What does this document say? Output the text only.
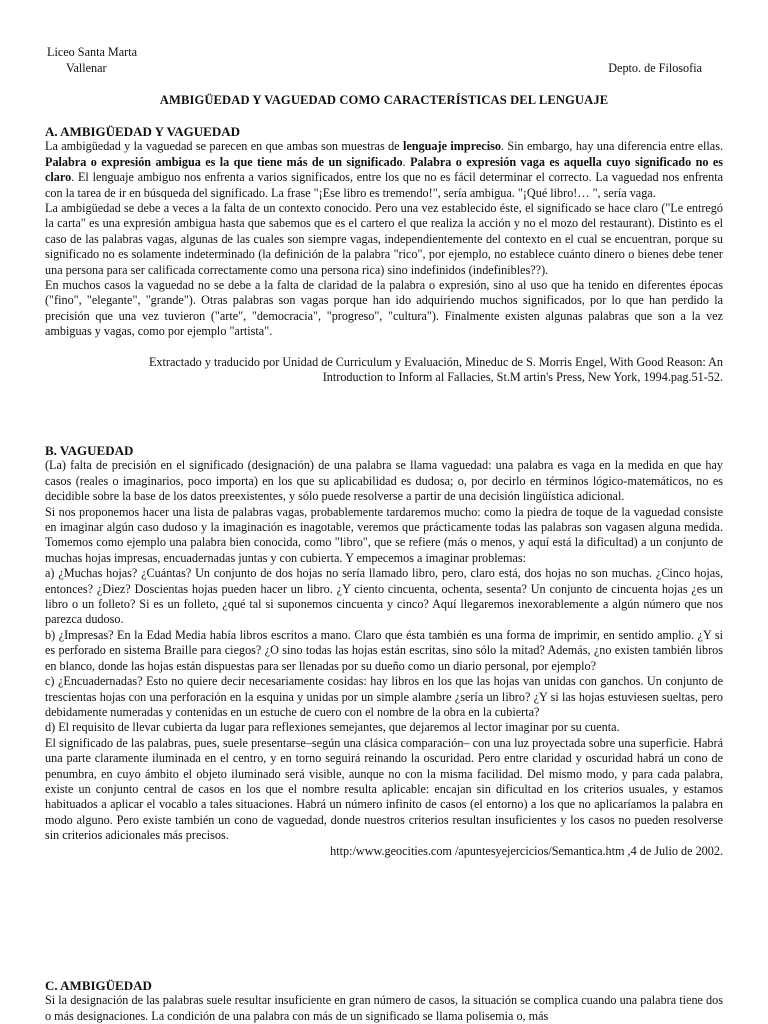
Liceo Santa Marta
Vallenar	Depto. de Filosofia
AMBIGÜEDAD Y VAGUEDAD COMO CARACTERÍSTICAS DEL LENGUAJE

A. AMBIGÜEDAD Y VAGUEDAD

La ambigüedad y la vaguedad se parecen en que ambas son muestras de lenguaje impreciso. Sin embargo, hay una diferencia entre ellas. Palabra o expresión ambigua es la que tiene más de un significado. Palabra o expresión vaga es aquella cuyo significado no es claro. El lenguaje ambiguo nos enfrenta a varios significados, entre los que no es fácil determinar el correcto. La vaguedad nos enfrenta con la tarea de ir en búsqueda del significado. La frase "¡Ese libro es tremendo!", sería ambigua. "¡Qué libro!… ", sería vaga.

La ambigüedad se debe a veces a la falta de un contexto conocido. Pero una vez establecido éste, el significado se hace claro ("Le entregó la carta" es una expresión ambigua hasta que sabemos que es el cartero el que realiza la acción y no el mozo del restaurant). Distinto es el caso de las palabras vagas, algunas de las cuales son siempre vagas, independientemente del contexto en el cual se encuentran, porque su significado no es solamente indeterminado (la definición de la palabra "rico", por ejemplo, no establece cuánto dinero o bienes debe tener una persona para ser calificada correctamente como una persona rica) sino indefinidos (indefinibles??).

En muchos casos la vaguedad no se debe a la falta de claridad de la palabra o expresión, sino al uso que ha tenido en diferentes épocas ("fino", "elegante", "grande"). Otras palabras son vagas porque han ido adquiriendo muchos significados, por lo que han perdido la precisión que una vez tuvieron ("arte", "democracia", "progreso", "cultura"). Finalmente existen algunas palabras que son a la vez ambiguas y vagas, como por ejemplo "artista".

Extractado y traducido por Unidad de Curriculum y Evaluación, Mineduc de S. Morris Engel, With Good Reason: An

Introduction to Inform al Fallacies, St.M artin's Press, New York, 1994.pag.51-52.

B. VAGUEDAD

(La) falta de precisión en el significado (designación) de una palabra se llama vaguedad: una palabra es vaga en la medida en que hay casos (reales o imaginarios, poco importa) en los que su aplicabilidad es dudosa; o, por decirlo en términos lógico-matemáticos, no es decidible sobre la base de los datos preexistentes, y sólo puede resolverse a partir de una decisión lingüística adicional.

Si nos proponemos hacer una lista de palabras vagas, probablemente tardaremos mucho: como la piedra de toque de la vaguedad consiste en imaginar algún caso dudoso y la imaginación es inagotable, veremos que prácticamente todas las palabras son vagasen alguna medida. Tomemos como ejemplo una palabra bien conocida, como "libro", que se refiere (más o menos, y aquí está la dificultad) a un conjunto de muchas hojas impresas, encuadernadas juntas y con cubierta. Y empecemos a imaginar problemas:

a) ¿Muchas hojas? ¿Cuántas? Un conjunto de dos hojas no sería llamado libro, pero, claro está, dos hojas no son muchas. ¿Cinco hojas, entonces? ¿Diez? Doscientas hojas pueden hacer un libro. ¿Y ciento cincuenta, ochenta, sesenta? Un conjunto de cincuenta hojas ¿es un libro o un folleto? Si es un folleto, ¿qué tal si suponemos cincuenta y cinco? Aquí llegaremos inexorablemente a algún número que nos parezca dudoso.

b) ¿Impresas? En la Edad Media había libros escritos a mano. Claro que ésta también es una forma de imprimir, en sentido amplio. ¿Y si es perforado en sistema Braille para ciegos? ¿O sino todas las hojas están escritas, sino sólo la mitad? Además, ¿no existen también libros en blanco, donde las hojas están dispuestas para ser llenadas por su dueño como un diario personal, por ejemplo?

c) ¿Encuadernadas? Esto no quiere decir necesariamente cosidas: hay libros en los que las hojas van unidas con ganchos. Un conjunto de trescientas hojas con una perforación en la esquina y unidas por un simple alambre ¿sería un libro? ¿Y si las hojas estuviesen sueltas, pero debidamente numeradas y contenidas en un estuche de cuero con el nombre de la obra en la cubierta?

d) El requisito de llevar cubierta da lugar para reflexiones semejantes, que dejaremos al lector imaginar por su cuenta.

El significado de las palabras, pues, suele presentarse–según una clásica comparación– con una luz proyectada sobre una superficie. Habrá una parte claramente iluminada en el centro, y en torno seguirá reinando la oscuridad. Pero entre claridad y oscuridad habrá un cono de penumbra, en cuyo ámbito el objeto iluminado será visible, aunque no con la misma facilidad. Del mismo modo, y para cada palabra, existe un conjunto central de casos en los que el nombre resulta aplicable: encajan sin dificultad en los criterios usuales, y estamos habituados a aplicar el vocablo a tales situaciones. Habrá un número infinito de casos (el entorno) a los que no aplicaríamos la palabra en modo alguno. Pero existe también un cono de vaguedad, donde nuestros criterios resultan insuficientes y los casos no pueden resolverse sin criterios adicionales más precisos.

http:/www.geocities.com /apuntesyejercicios/Semantica.htm ,4 de Julio de 2002.

C. AMBIGÜEDAD

Si la designación de las palabras suele resultar insuficiente en gran número de casos, la situación se complica cuando una palabra tiene dos o más designaciones. La condición de una palabra con más de un significado se llama polisemia o, más
